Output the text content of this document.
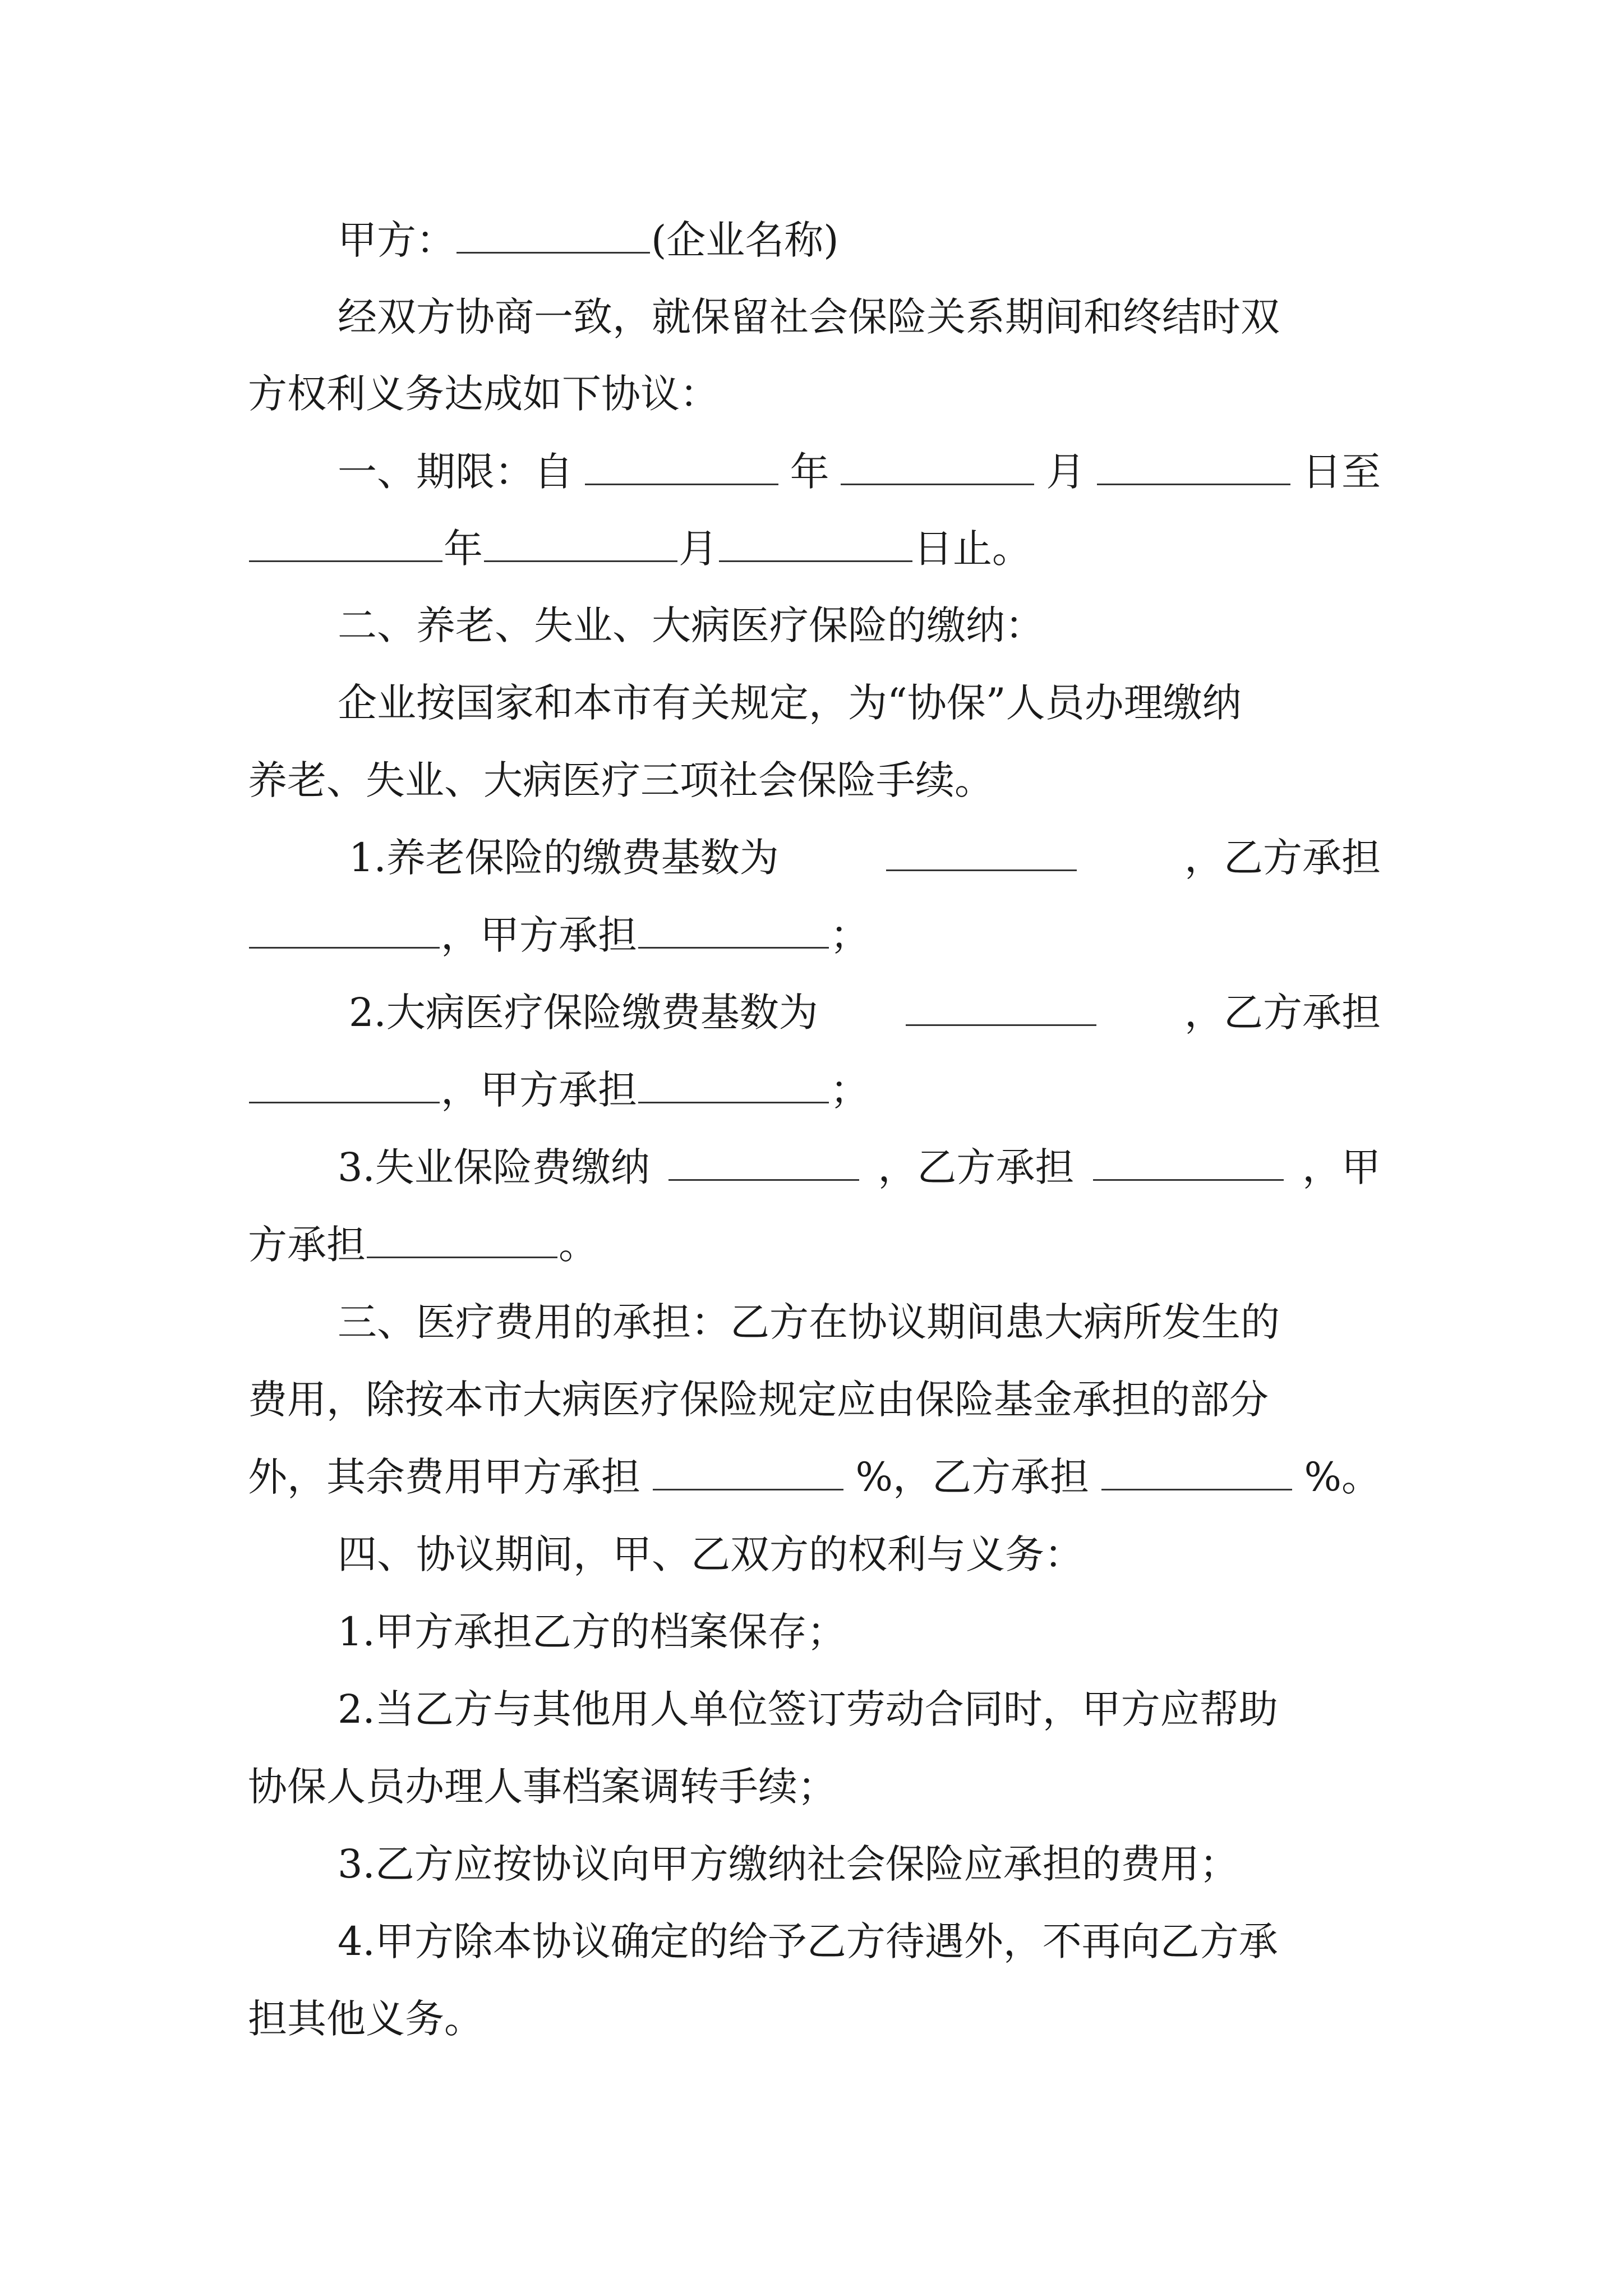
甲方：	(企业名称)
经双方协商一致，就保留社会保险关系期间和终结时双
方权利义务达成如下协议：
一、期限：自	年	月	日至
年	月	日止。
二、养老、失业、大病医疗保险的缴纳：
企业按国家和本市有关规定，为“协保”人员办理缴纳
养老、失业、大病医疗三项社会保险手续。
1.养老保险的缴费基数为	，乙方承担
，甲方承担	；
2.大病医疗保险缴费基数为	，乙方承担
，甲方承担	；
3.失业保险费缴纳	，乙方承担	，甲
方承担	。
三、医疗费用的承担：乙方在协议期间患大病所发生的
费用，除按本市大病医疗保险规定应由保险基金承担的部分
外，其余费用甲方承担	%，乙方承担	%。
四、协议期间，甲、乙双方的权利与义务：
1.甲方承担乙方的档案保存；
2.当乙方与其他用人单位签订劳动合同时，甲方应帮助
协保人员办理人事档案调转手续；
3.乙方应按协议向甲方缴纳社会保险应承担的费用；
4.甲方除本协议确定的给予乙方待遇外，不再向乙方承
担其他义务。
